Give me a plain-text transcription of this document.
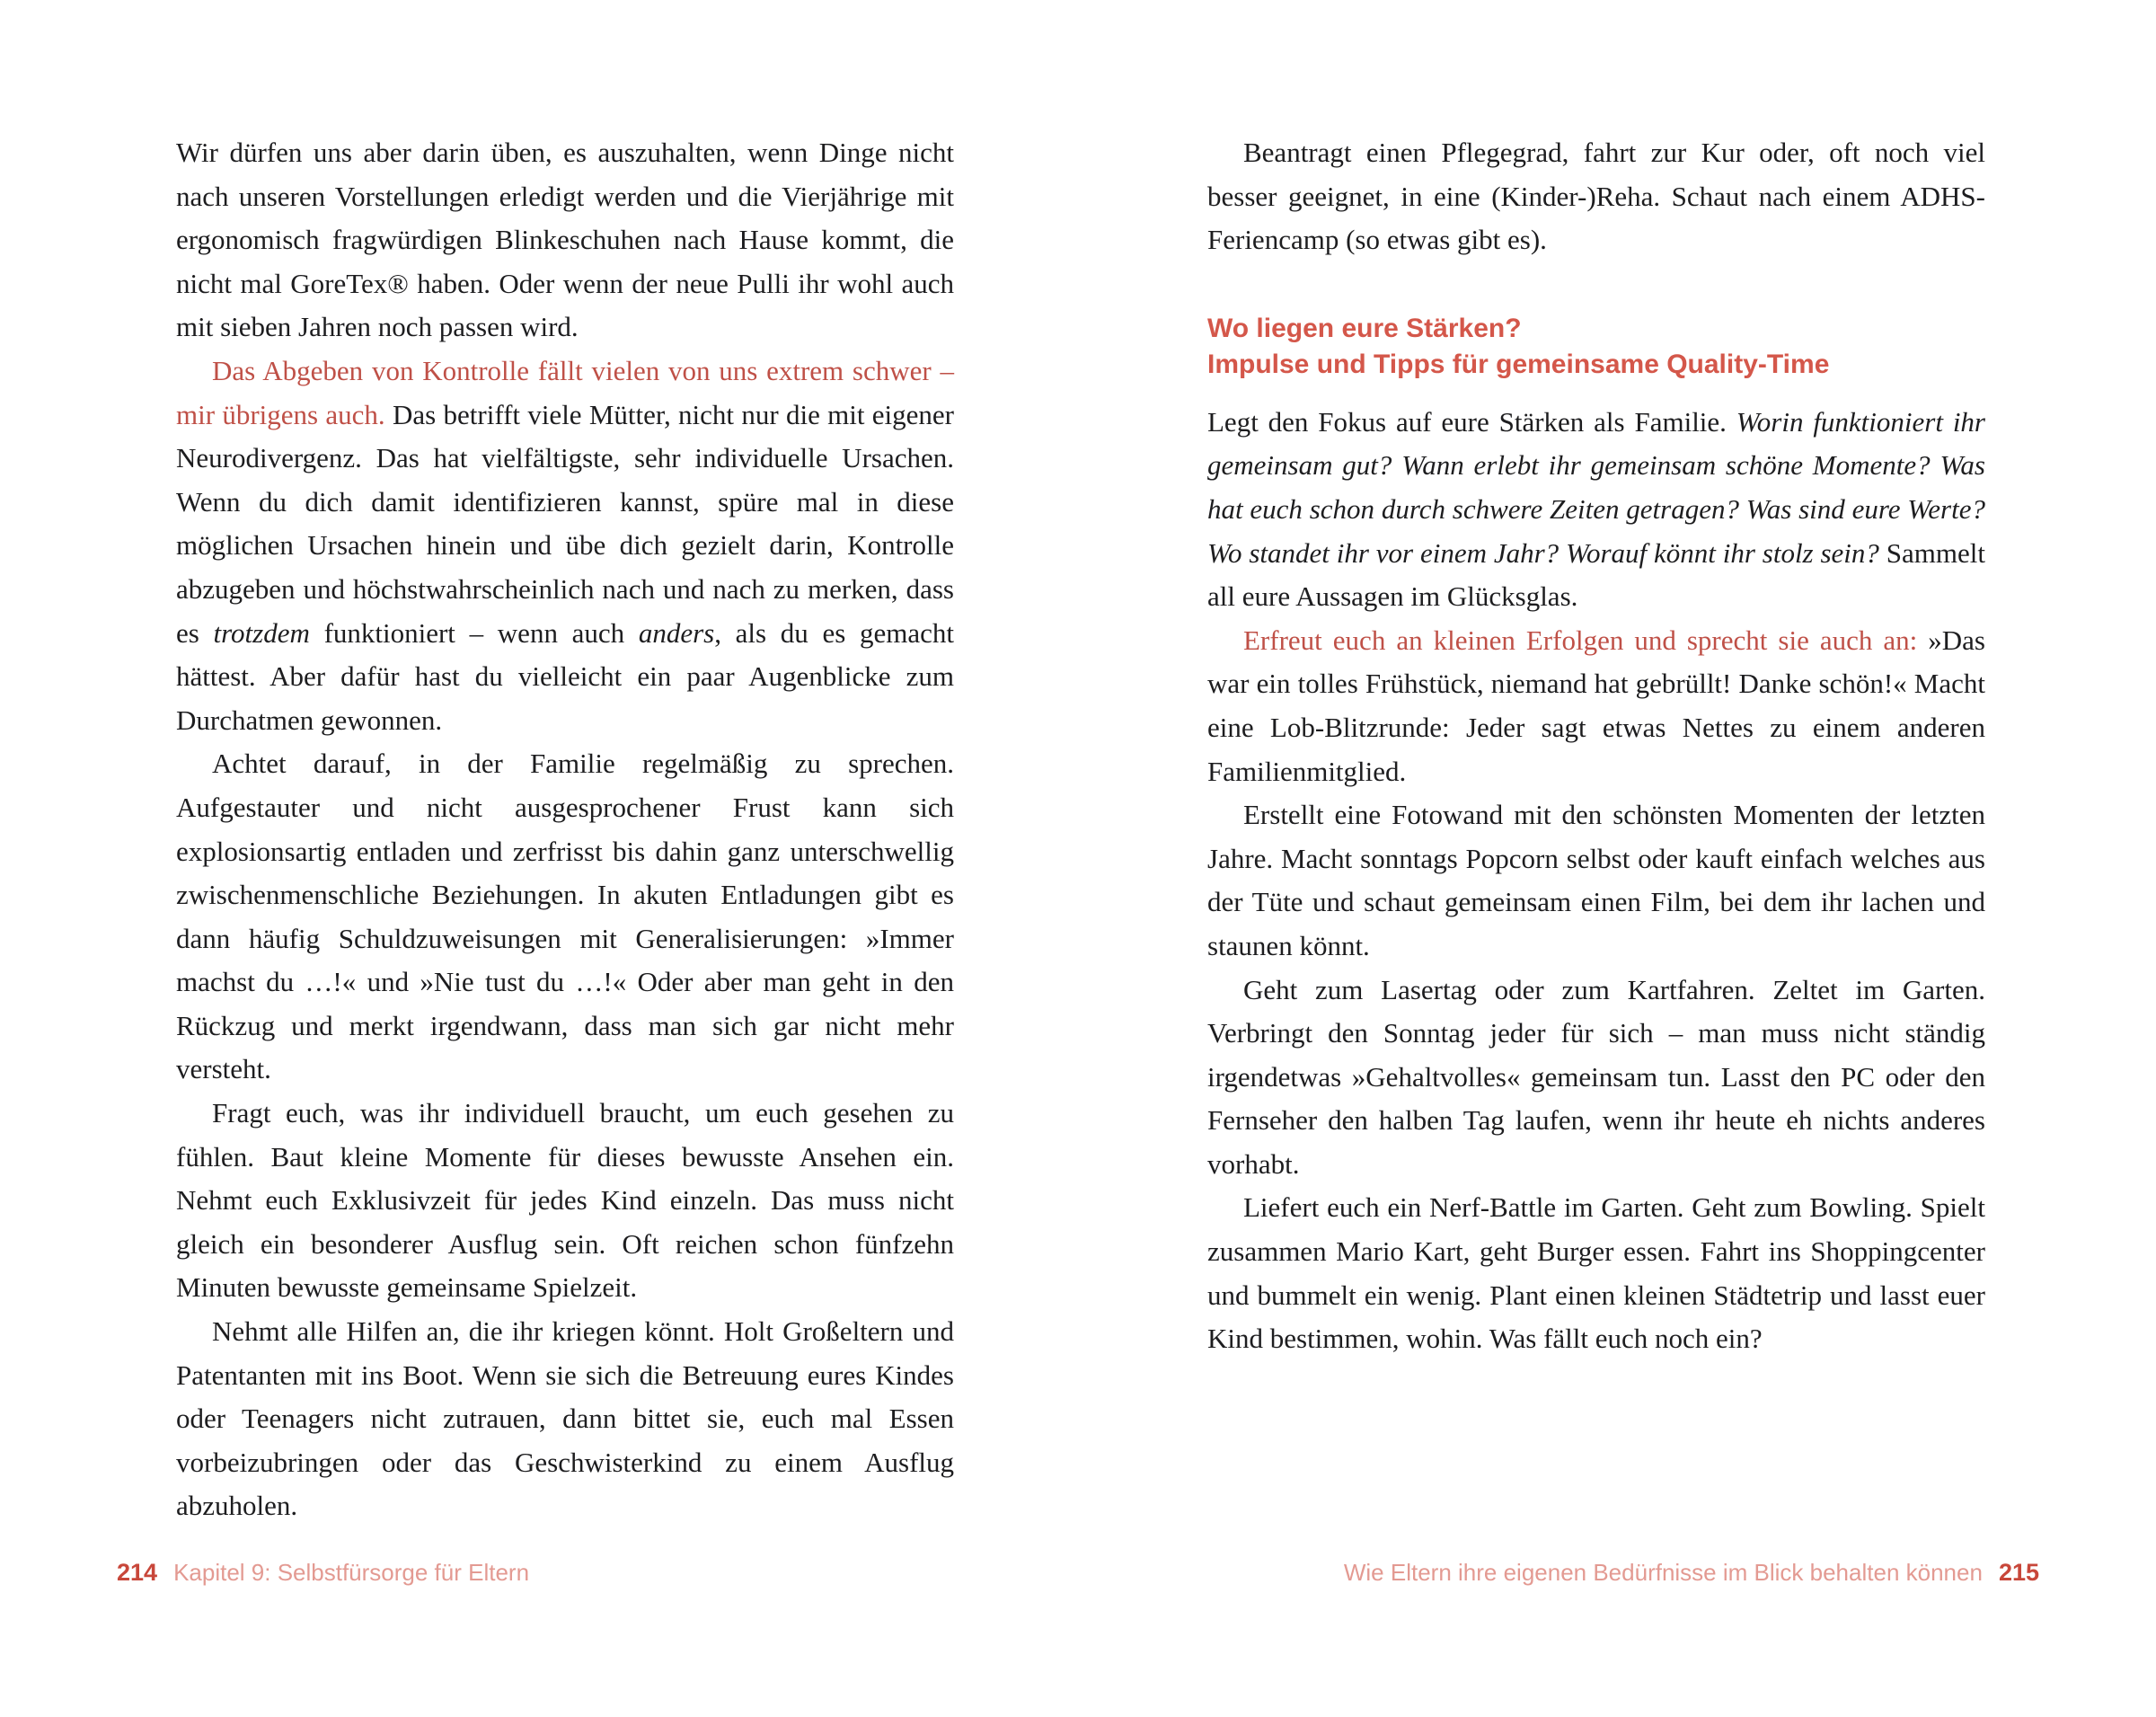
Wir dürfen uns aber darin üben, es auszuhalten, wenn Dinge nicht nach unseren Vorstellungen erledigt werden und die Vierjährige mit ergonomisch fragwürdigen Blinkeschuhen nach Hause kommt, die nicht mal GoreTex® haben. Oder wenn der neue Pulli ihr wohl auch mit sieben Jahren noch passen wird.

Das Abgeben von Kontrolle fällt vielen von uns extrem schwer – mir übrigens auch. Das betrifft viele Mütter, nicht nur die mit eigener Neurodivergenz. Das hat vielfältigste, sehr individuelle Ursachen. Wenn du dich damit identifizieren kannst, spüre mal in diese möglichen Ursachen hinein und übe dich gezielt darin, Kontrolle abzugeben und höchstwahrscheinlich nach und nach zu merken, dass es trotzdem funktioniert – wenn auch anders, als du es gemacht hättest. Aber dafür hast du vielleicht ein paar Augenblicke zum Durchatmen gewonnen.

Achtet darauf, in der Familie regelmäßig zu sprechen. Aufgestauter und nicht ausgesprochener Frust kann sich explosionsartig entladen und zerfrisst bis dahin ganz unterschwellig zwischenmenschliche Beziehungen. In akuten Entladungen gibt es dann häufig Schuldzuweisungen mit Generalisierungen: »Immer machst du …!« und »Nie tust du …!« Oder aber man geht in den Rückzug und merkt irgendwann, dass man sich gar nicht mehr versteht.

Fragt euch, was ihr individuell braucht, um euch gesehen zu fühlen. Baut kleine Momente für dieses bewusste Ansehen ein. Nehmt euch Exklusivzeit für jedes Kind einzeln. Das muss nicht gleich ein besonderer Ausflug sein. Oft reichen schon fünfzehn Minuten bewusste gemeinsame Spielzeit.

Nehmt alle Hilfen an, die ihr kriegen könnt. Holt Großeltern und Patentanten mit ins Boot. Wenn sie sich die Betreuung eures Kindes oder Teenagers nicht zutrauen, dann bittet sie, euch mal Essen vorbeizubringen oder das Geschwisterkind zu einem Ausflug abzuholen.

214 Kapitel 9: Selbstfürsorge für Eltern

Beantragt einen Pflegegrad, fahrt zur Kur oder, oft noch viel besser geeignet, in eine (Kinder-)Reha. Schaut nach einem ADHS-Feriencamp (so etwas gibt es).

Wo liegen eure Stärken?
Impulse und Tipps für gemeinsame Quality-Time

Legt den Fokus auf eure Stärken als Familie. Worin funktioniert ihr gemeinsam gut? Wann erlebt ihr gemeinsam schöne Momente? Was hat euch schon durch schwere Zeiten getragen? Was sind eure Werte? Wo standet ihr vor einem Jahr? Worauf könnt ihr stolz sein? Sammelt all eure Aussagen im Glücksglas.

Erfreut euch an kleinen Erfolgen und sprecht sie auch an: »Das war ein tolles Frühstück, niemand hat gebrüllt! Danke schön!« Macht eine Lob-Blitzrunde: Jeder sagt etwas Nettes zu einem anderen Familienmitglied.

Erstellt eine Fotowand mit den schönsten Momenten der letzten Jahre. Macht sonntags Popcorn selbst oder kauft einfach welches aus der Tüte und schaut gemeinsam einen Film, bei dem ihr lachen und staunen könnt.

Geht zum Lasertag oder zum Kartfahren. Zeltet im Garten. Verbringt den Sonntag jeder für sich – man muss nicht ständig irgendetwas »Gehaltvolles« gemeinsam tun. Lasst den PC oder den Fernseher den halben Tag laufen, wenn ihr heute eh nichts anderes vorhabt.

Liefert euch ein Nerf-Battle im Garten. Geht zum Bowling. Spielt zusammen Mario Kart, geht Burger essen. Fahrt ins Shoppingcenter und bummelt ein wenig. Plant einen kleinen Städtetrip und lasst euer Kind bestimmen, wohin. Was fällt euch noch ein?

Wie Eltern ihre eigenen Bedürfnisse im Blick behalten können 215
